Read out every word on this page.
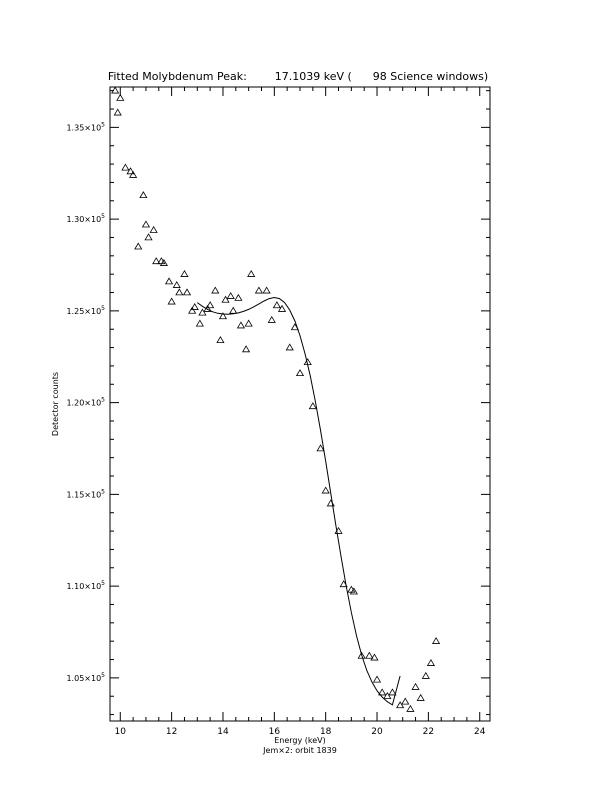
10	12	14	16	18	20	22	24
$1.05\times 10^5$
$1.10\times 10^5$
$1.15\times 10^5$
$1.20\times 10^5$
$1.25\times 10^5$
$1.30\times 10^5$
$1.35\times 10^5$
Fitted Molybdenum Peak:        17.1039 keV (      98 Science windows)
Energy (keV)
Jem×2: orbit 1839
Detector counts
